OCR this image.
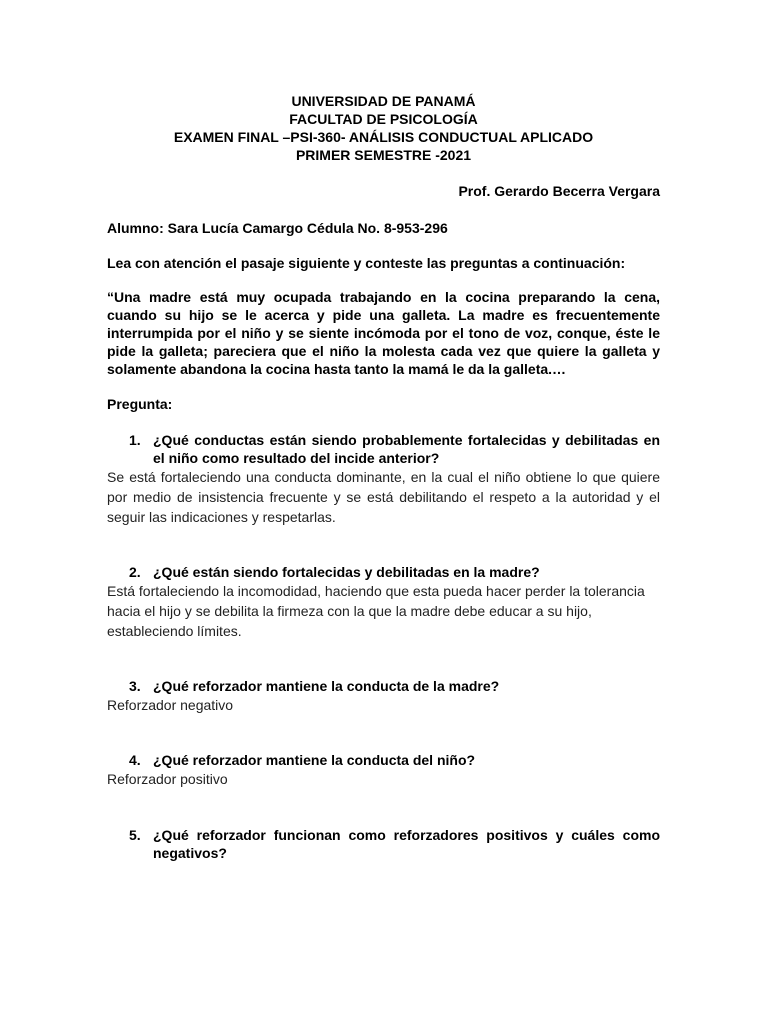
UNIVERSIDAD DE PANAMÁ
FACULTAD DE PSICOLOGÍA
EXAMEN FINAL –PSI-360- ANÁLISIS CONDUCTUAL APLICADO
PRIMER SEMESTRE -2021
Prof. Gerardo Becerra Vergara
Alumno: Sara Lucía Camargo Cédula No. 8-953-296
Lea con atención el pasaje siguiente y conteste las preguntas a continuación:
“Una madre está muy ocupada trabajando en la cocina preparando la cena, cuando su hijo se le acerca y pide una galleta. La madre es frecuentemente interrumpida por el niño y se siente incómoda por el tono de voz, conque, éste le pide la galleta; pareciera que el niño la molesta cada vez que quiere la galleta y solamente abandona la cocina hasta tanto la mamá le da la galleta.…
Pregunta:
1. ¿Qué conductas están siendo probablemente fortalecidas y debilitadas en el niño como resultado del incide anterior?
Se está fortaleciendo una conducta dominante, en la cual el niño obtiene lo que quiere por medio de insistencia frecuente y se está debilitando el respeto a la autoridad y el seguir las indicaciones y respetarlas.
2. ¿Qué están siendo fortalecidas y debilitadas en la madre?
Está fortaleciendo la incomodidad, haciendo que esta pueda hacer perder la tolerancia hacia el hijo y se debilita la firmeza con la que la madre debe educar a su hijo, estableciendo límites.
3. ¿Qué reforzador mantiene la conducta de la madre?
Reforzador negativo
4. ¿Qué reforzador mantiene la conducta del niño?
Reforzador positivo
5. ¿Qué reforzador funcionan como reforzadores positivos y cuáles como negativos?
